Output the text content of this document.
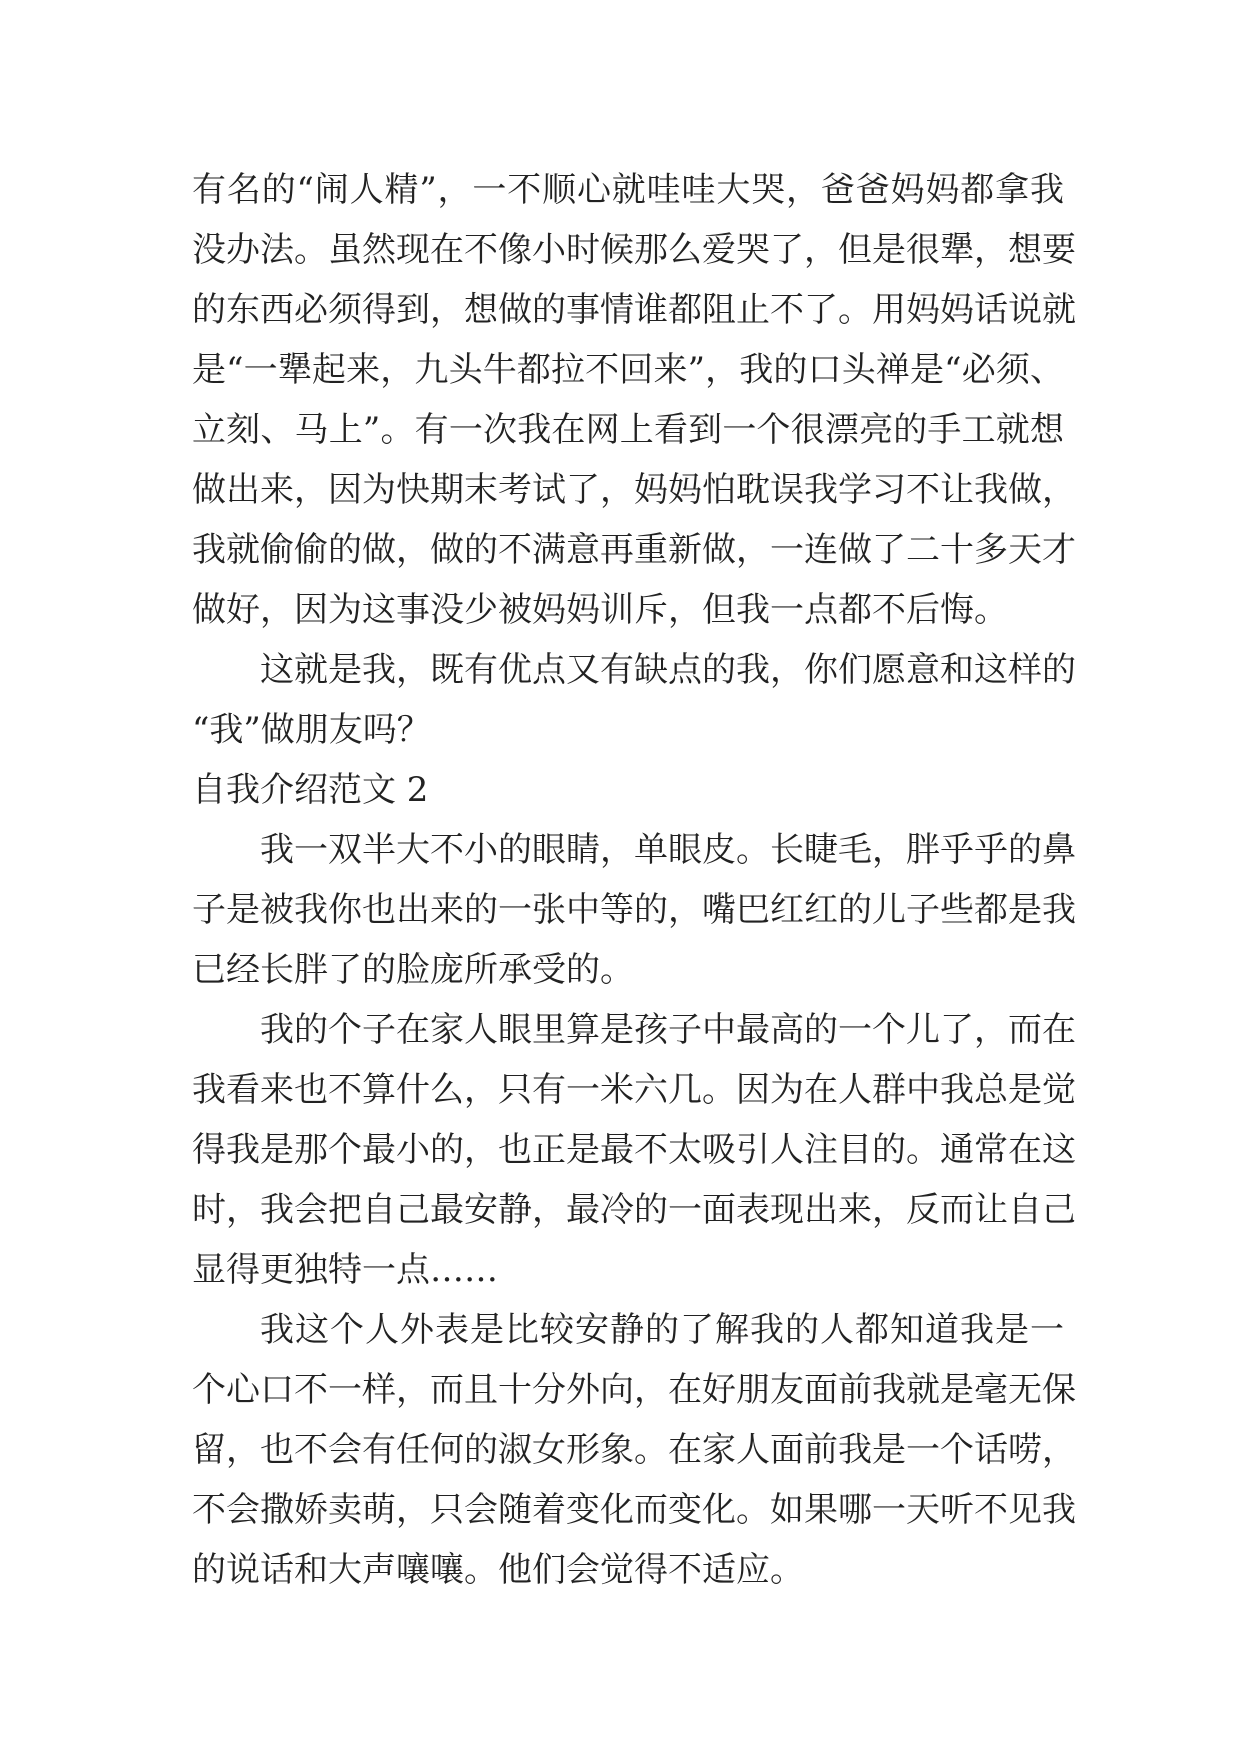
有名的“闹人精”，一不顺心就哇哇大哭，爸爸妈妈都拿我
没办法。虽然现在不像小时候那么爱哭了，但是很犟，想要
的东西必须得到，想做的事情谁都阻止不了。用妈妈话说就
是“一犟起来，九头牛都拉不回来”，我的口头禅是“必须、
立刻、马上”。有一次我在网上看到一个很漂亮的手工就想
做出来，因为快期末考试了，妈妈怕耽误我学习不让我做，
我就偷偷的做，做的不满意再重新做，一连做了二十多天才
做好，因为这事没少被妈妈训斥，但我一点都不后悔。
这就是我，既有优点又有缺点的我，你们愿意和这样的
“我”做朋友吗？
自我介绍范文 2
我一双半大不小的眼睛，单眼皮。长睫毛，胖乎乎的鼻
子是被我你也出来的一张中等的，嘴巴红红的儿子些都是我
已经长胖了的脸庞所承受的。
我的个子在家人眼里算是孩子中最高的一个儿了，而在
我看来也不算什么，只有一米六几。因为在人群中我总是觉
得我是那个最小的，也正是最不太吸引人注目的。通常在这
时，我会把自己最安静，最冷的一面表现出来，反而让自己
显得更独特一点……
我这个人外表是比较安静的了解我的人都知道我是一
个心口不一样，而且十分外向，在好朋友面前我就是毫无保
留，也不会有任何的淑女形象。在家人面前我是一个话唠，
不会撒娇卖萌，只会随着变化而变化。如果哪一天听不见我
的说话和大声嚷嚷。他们会觉得不适应。
